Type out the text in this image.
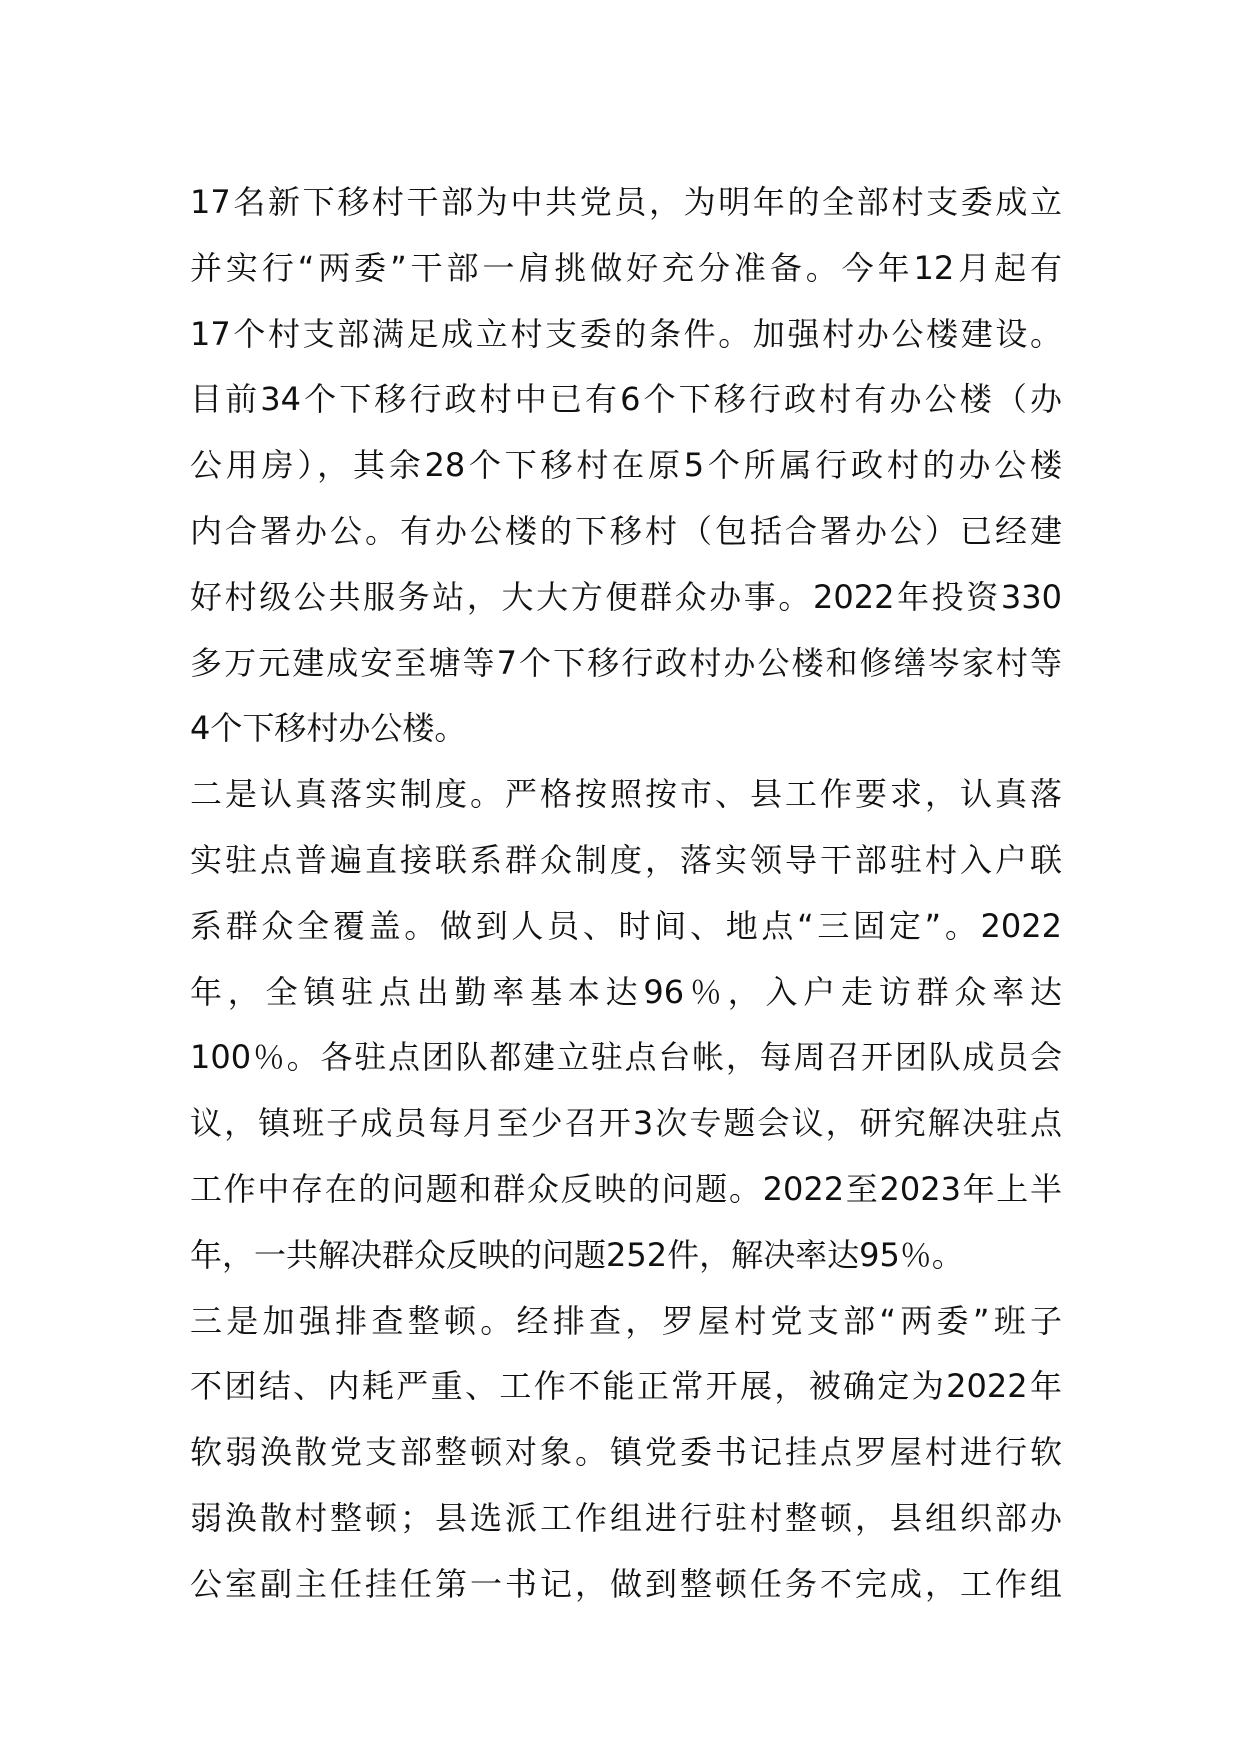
17名新下移村干部为中共党员，为明年的全部村支委成立
并实行“两委”干部一肩挑做好充分准备。今年12月起有
17个村支部满足成立村支委的条件。加强村办公楼建设。
目前34个下移行政村中已有6个下移行政村有办公楼（办
公用房），其余28个下移村在原5个所属行政村的办公楼
内合署办公。有办公楼的下移村（包括合署办公）已经建
好村级公共服务站，大大方便群众办事。2022年投资330
多万元建成安至塘等7个下移行政村办公楼和修缮岑家村等
4个下移村办公楼。
二是认真落实制度。严格按照按市、县工作要求，认真落
实驻点普遍直接联系群众制度，落实领导干部驻村入户联
系群众全覆盖。做到人员、时间、地点“三固定”。2022
年，全镇驻点出勤率基本达96％，入户走访群众率达
100％。各驻点团队都建立驻点台帐，每周召开团队成员会
议，镇班子成员每月至少召开3次专题会议，研究解决驻点
工作中存在的问题和群众反映的问题。2022至2023年上半
年，一共解决群众反映的问题252件，解决率达95％。
三是加强排查整顿。经排查，罗屋村党支部“两委”班子
不团结、内耗严重、工作不能正常开展，被确定为2022年
软弱涣散党支部整顿对象。镇党委书记挂点罗屋村进行软
弱涣散村整顿；县选派工作组进行驻村整顿，县组织部办
公室副主任挂任第一书记，做到整顿任务不完成，工作组
